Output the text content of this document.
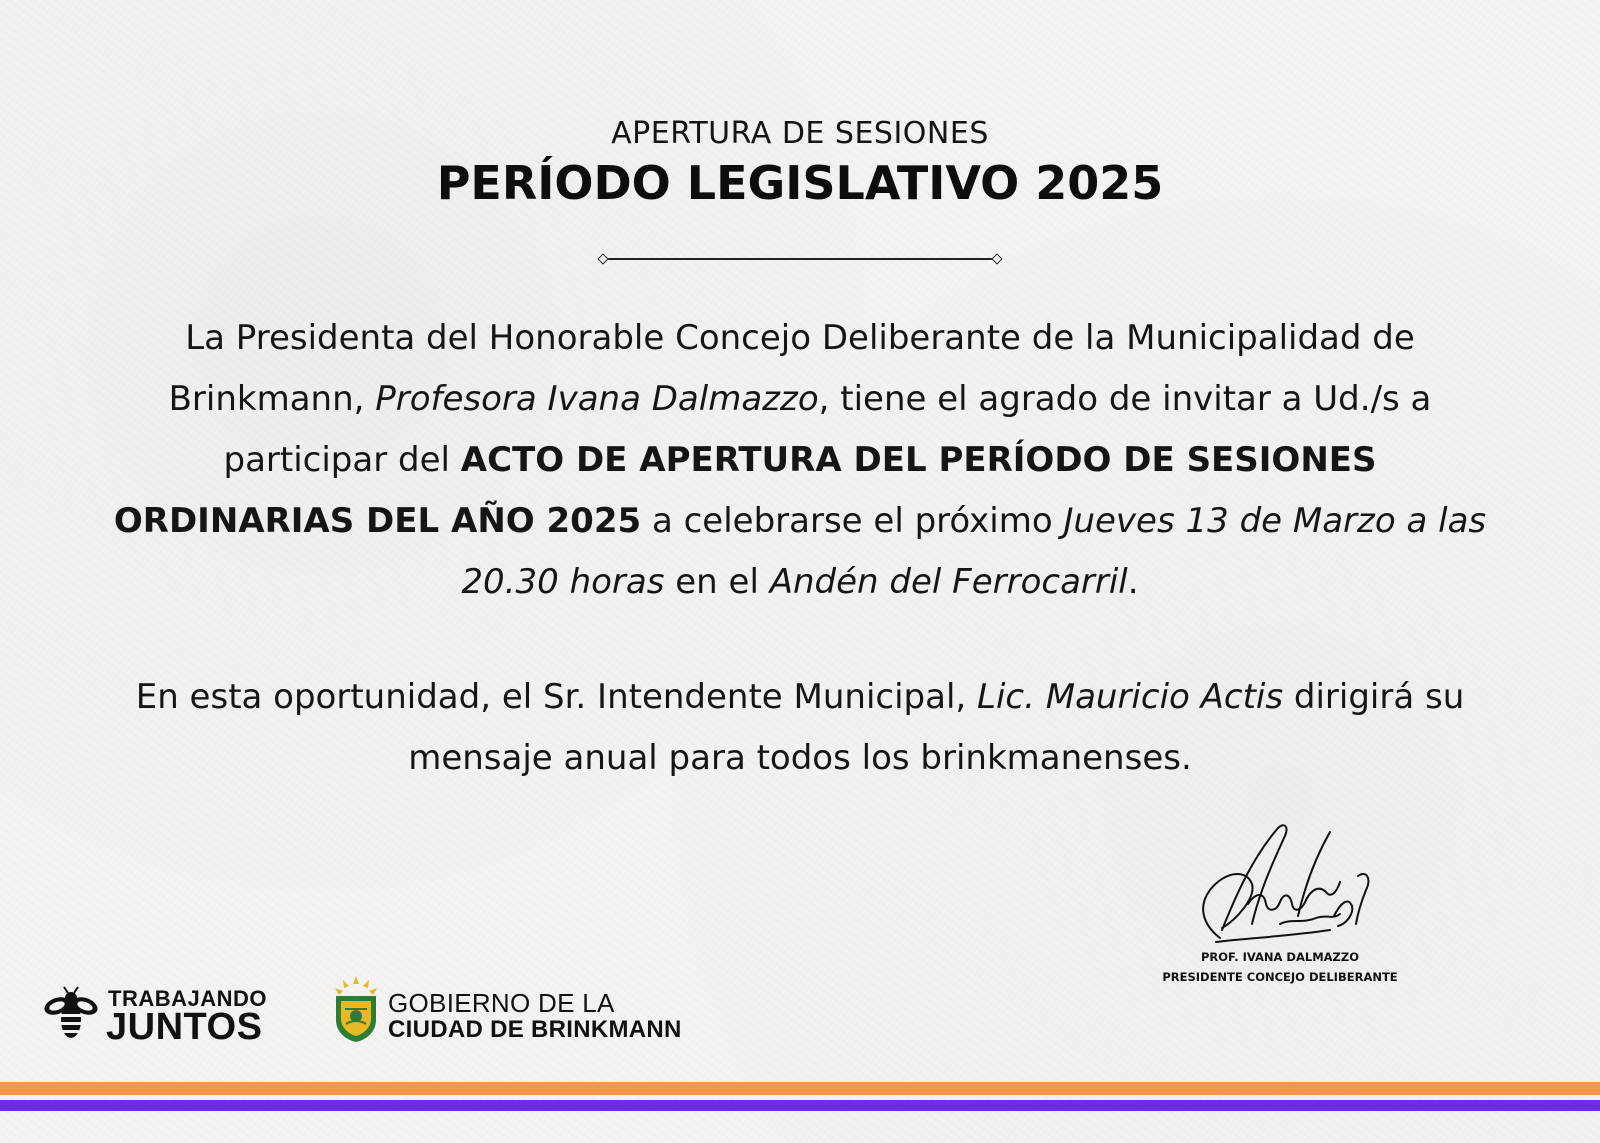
APERTURA DE SESIONES
PERÍODO LEGISLATIVO 2025

La Presidenta del Honorable Concejo Deliberante de la Municipalidad de Brinkmann, Profesora Ivana Dalmazzo, tiene el agrado de invitar a Ud./s a participar del ACTO DE APERTURA DEL PERÍODO DE SESIONES ORDINARIAS DEL AÑO 2025 a celebrarse el próximo Jueves 13 de Marzo a las 20.30 horas en el Andén del Ferrocarril.

En esta oportunidad, el Sr. Intendente Municipal, Lic. Mauricio Actis dirigirá su mensaje anual para todos los brinkmanenses.

PROF. IVANA DALMAZZO
PRESIDENTE CONCEJO DELIBERANTE
TRABAJANDO
JUNTOS
GOBIERNO DE LA
CIUDAD DE BRINKMANN
